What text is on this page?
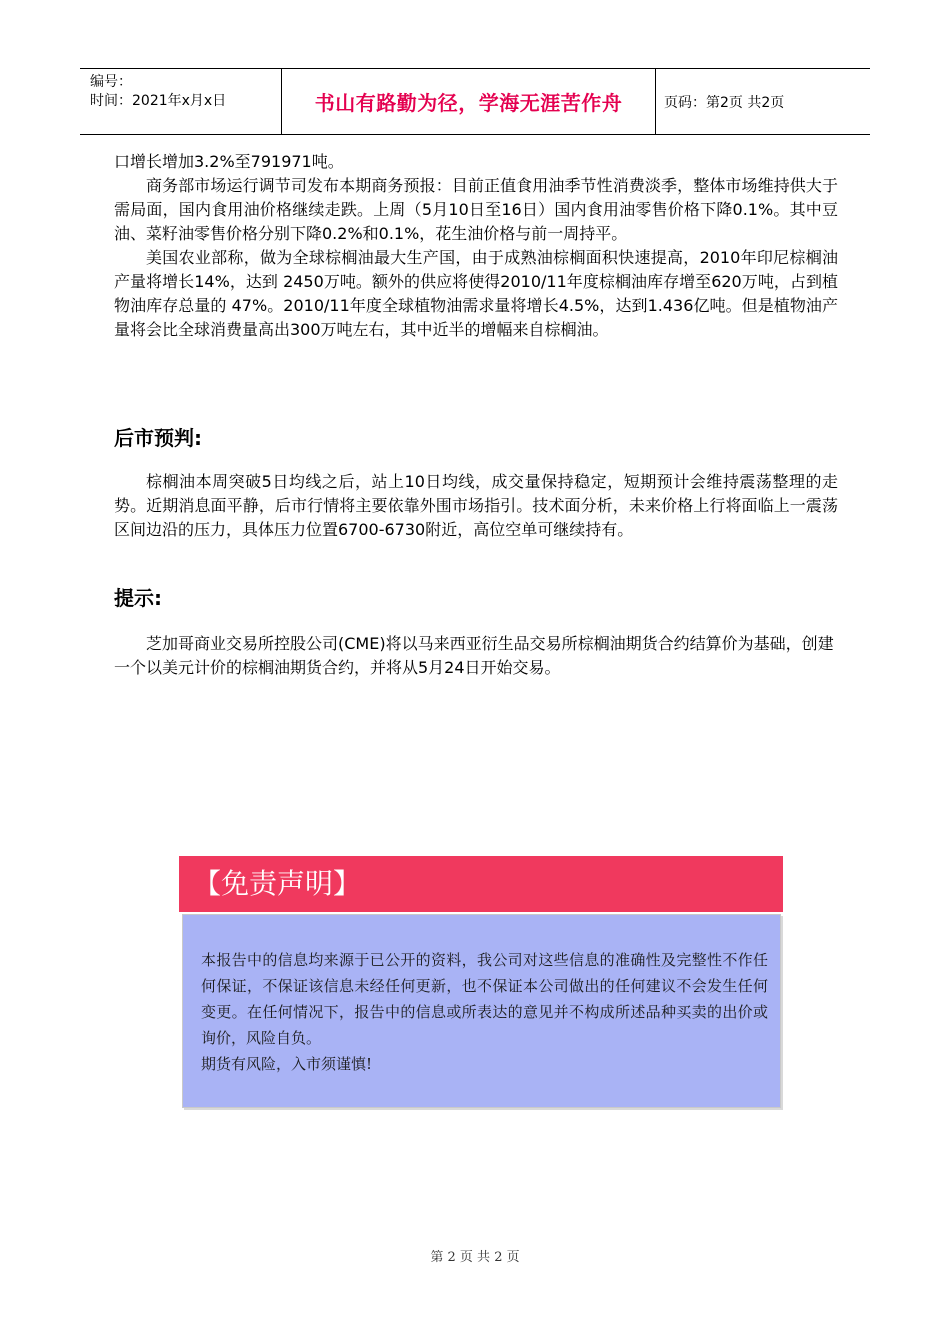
编号：
时间：2021年x月x日	书山有路勤为径，学海无涯苦作舟	页码：第2页 共2页

口增长增加3.2%至791971吨。

商务部市场运行调节司发布本期商务预报：目前正值食用油季节性消费淡季，整体市场维持供大于需局面，国内食用油价格继续走跌。上周（5月10日至16日）国内食用油零售价格下降0.1%。其中豆油、菜籽油零售价格分别下降0.2%和0.1%，花生油价格与前一周持平。

美国农业部称，做为全球棕榈油最大生产国，由于成熟油棕榈面积快速提高，2010年印尼棕榈油产量将增长14%，达到 2450万吨。额外的供应将使得2010/11年度棕榈油库存增至620万吨，占到植物油库存总量的 47%。2010/11年度全球植物油需求量将增长4.5%，达到1.436亿吨。但是植物油产量将会比全球消费量高出300万吨左右，其中近半的增幅来自棕榈油。

后市预判:

棕榈油本周突破5日均线之后，站上10日均线，成交量保持稳定，短期预计会维持震荡整理的走势。近期消息面平静，后市行情将主要依靠外围市场指引。技术面分析，未来价格上行将面临上一震荡区间边沿的压力，具体压力位置6700-6730附近，高位空单可继续持有。

提示:

芝加哥商业交易所控股公司(CME)将以马来西亚衍生品交易所棕榈油期货合约结算价为基础，创建一个以美元计价的棕榈油期货合约，并将从5月24日开始交易。

【免责声明】

本报告中的信息均来源于已公开的资料，我公司对这些信息的准确性及完整性不作任何保证，不保证该信息未经任何更新，也不保证本公司做出的任何建议不会发生任何变更。在任何情况下，报告中的信息或所表达的意见并不构成所述品种买卖的出价或询价，风险自负。

期货有风险，入市须谨慎!

第 2 页 共 2 页
